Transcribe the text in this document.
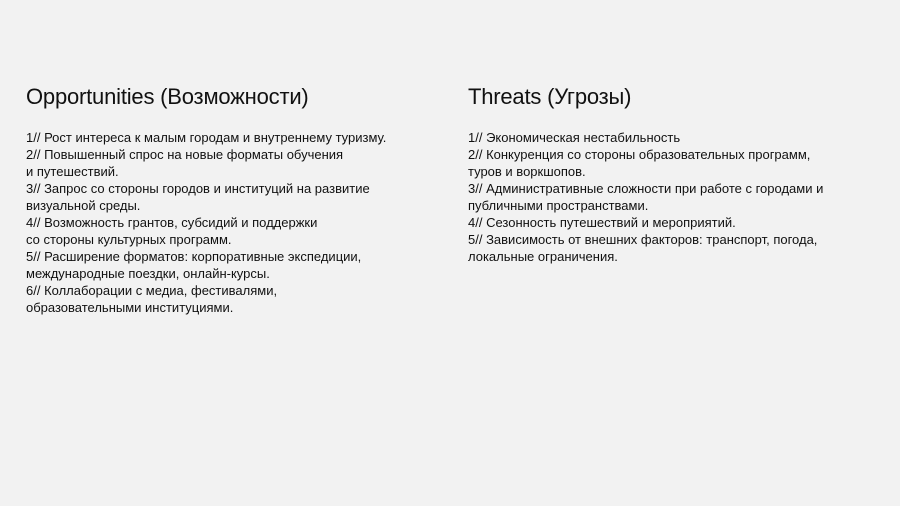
Opportunities (Возможности)

1// Рост интереса к малым городам и внутреннему туризму.

2// Повышенный спрос на новые форматы обучения
и путешествий.

3// Запрос со стороны городов и институций на развитие
визуальной среды.

4// Возможность грантов, субсидий и поддержки
со стороны культурных программ.

5// Расширение форматов: корпоративные экспедиции,
международные поездки, онлайн-курсы.

6// Коллаборации с медиа, фестивалями,
образовательными институциями.

Threats (Угрозы)

1// Экономическая нестабильность

2// Конкуренция со стороны образовательных программ,
туров и воркшопов.

3// Административные сложности при работе с городами и
публичными пространствами.

4// Сезонность путешествий и мероприятий.

5// Зависимость от внешних факторов: транспорт, погода,
локальные ограничения.
